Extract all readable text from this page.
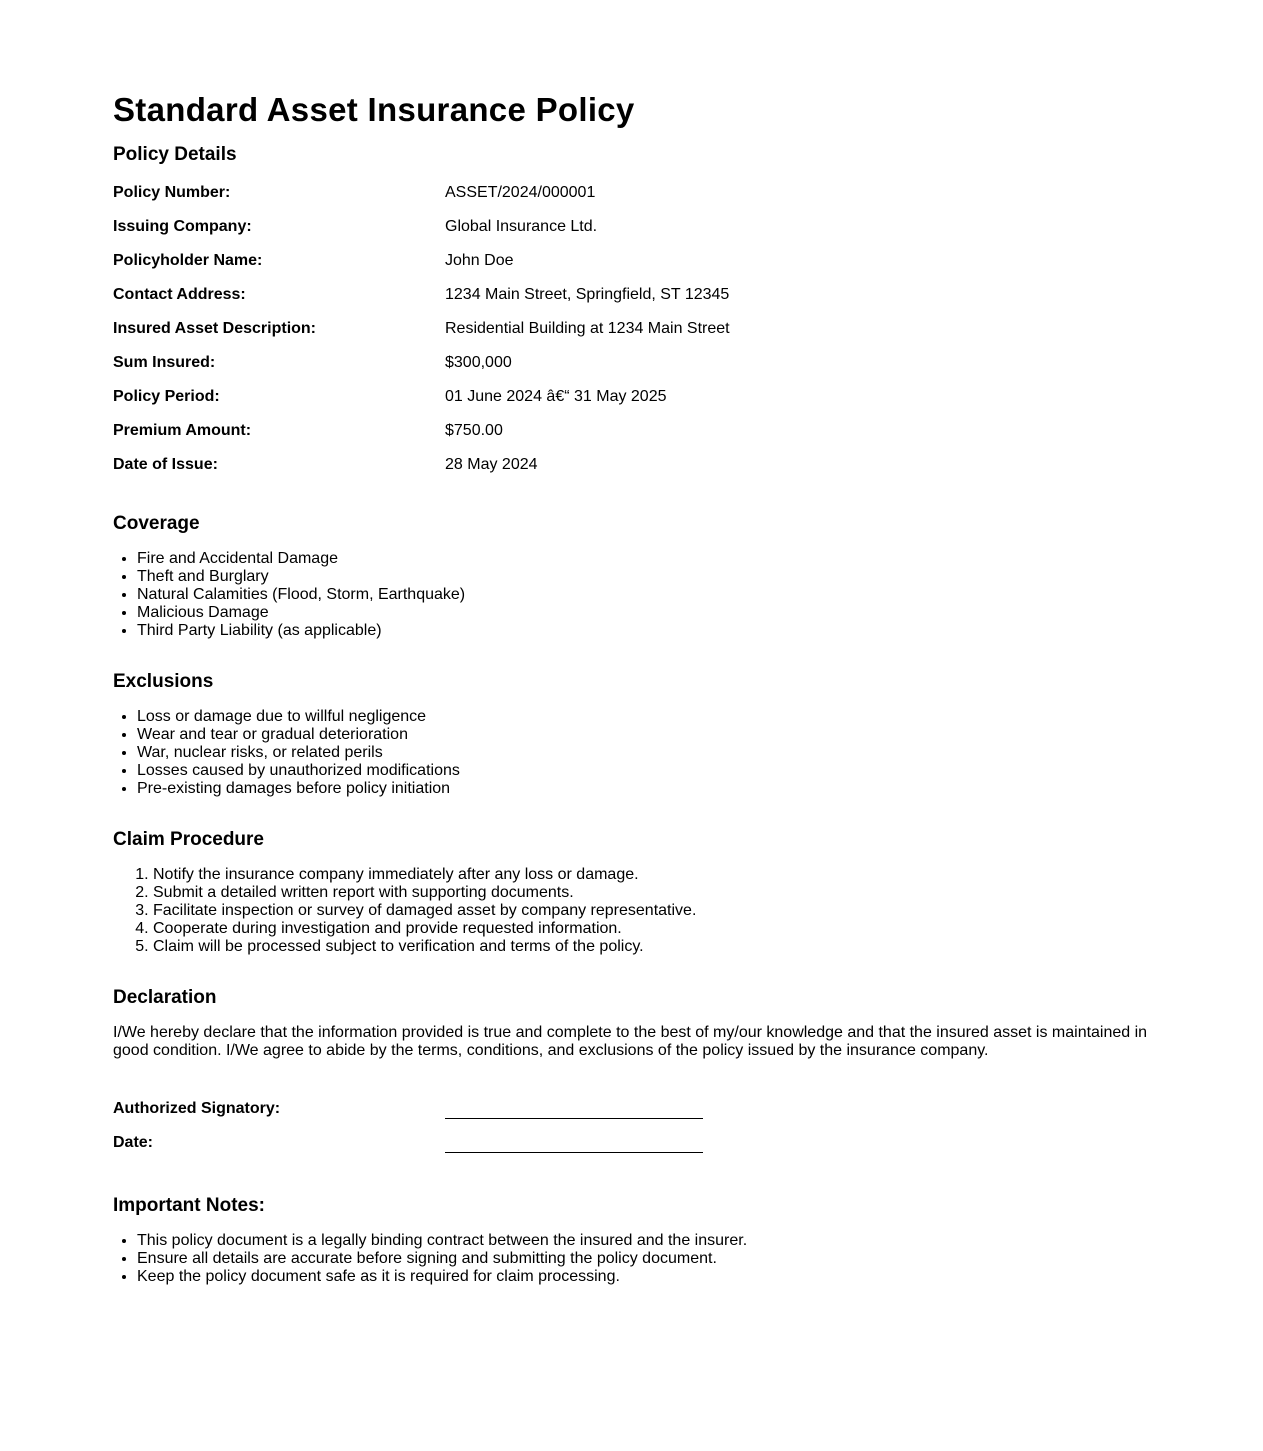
Standard Asset Insurance Policy
Policy Details
Policy Number:	ASSET/2024/000001
Issuing Company:	Global Insurance Ltd.
Policyholder Name:	John Doe
Contact Address:	1234 Main Street, Springfield, ST 12345
Insured Asset Description:	Residential Building at 1234 Main Street
Sum Insured:	$300,000
Policy Period:	01 June 2024 â€“ 31 May 2025
Premium Amount:	$750.00
Date of Issue:	28 May 2024
Coverage
• Fire and Accidental Damage
• Theft and Burglary
• Natural Calamities (Flood, Storm, Earthquake)
• Malicious Damage
• Third Party Liability (as applicable)
Exclusions
• Loss or damage due to willful negligence
• Wear and tear or gradual deterioration
• War, nuclear risks, or related perils
• Losses caused by unauthorized modifications
• Pre-existing damages before policy initiation
Claim Procedure
1. Notify the insurance company immediately after any loss or damage.
2. Submit a detailed written report with supporting documents.
3. Facilitate inspection or survey of damaged asset by company representative.
4. Cooperate during investigation and provide requested information.
5. Claim will be processed subject to verification and terms of the policy.
Declaration

I/We hereby declare that the information provided is true and complete to the best of my/our knowledge and that the insured asset is maintained in good condition. I/We agree to abide by the terms, conditions, and exclusions of the policy issued by the insurance company.

Authorized Signatory:	
Date:	
Important Notes:
• This policy document is a legally binding contract between the insured and the insurer.
• Ensure all details are accurate before signing and submitting the policy document.
• Keep the policy document safe as it is required for claim processing.
